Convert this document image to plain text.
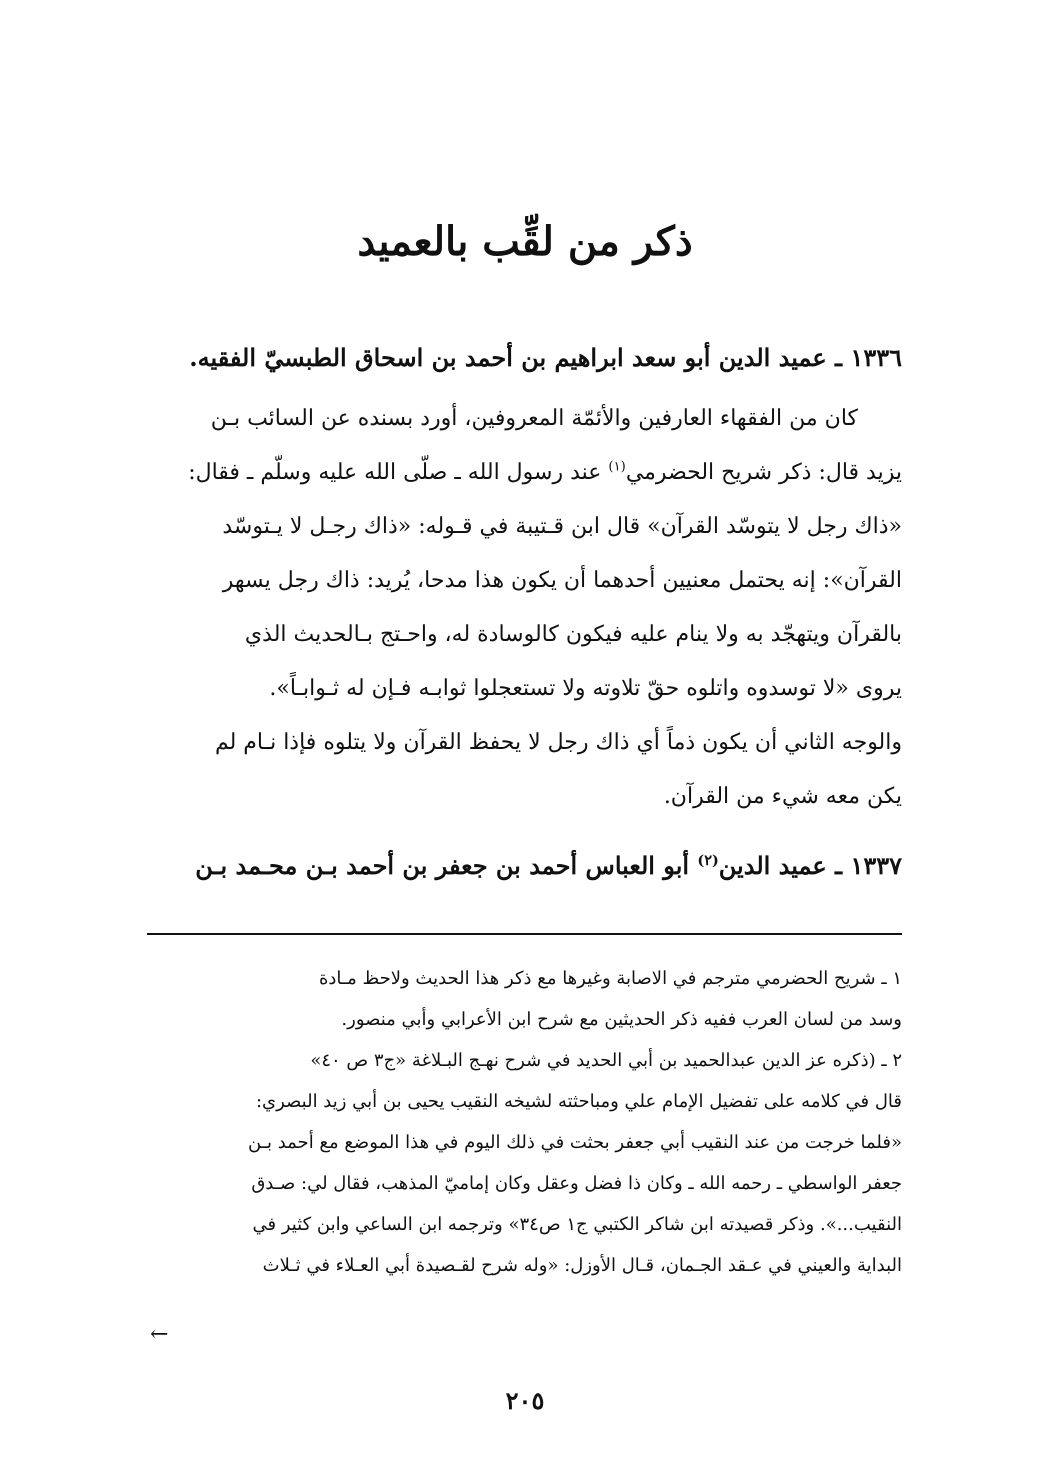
ذكر من لقِّب بالعميد
١٣٣٦ ـ عميد الدين أبو سعد ابراهيم بن أحمد بن اسحاق الطبسيّ الفقيه.
كان من الفقهاء العارفين والأئمّة المعروفين، أورد بسنده عن السائب بـن
يزيد قال: ذكر شريح الحضرمي$^{(١)}$ عند رسول الله ـ صلّى الله عليه وسلّم ـ فقال:
«ذاك رجل لا يتوسّد القرآن» قال ابن قـتيبة في قـوله: «ذاك رجـل لا يـتوسّد
القرآن»: إنه يحتمل معنيين أحدهما أن يكون هذا مدحا، يُريد: ذاك رجل يسهر
بالقرآن ويتهجّد به ولا ينام عليه فيكون كالوسادة له، واحـتج بـالحديث الذي
يروى «لا توسدوه واتلوه حقّ تلاوته ولا تستعجلوا ثوابـه فـإن له ثـوابـاً».
والوجه الثاني أن يكون ذماً أي ذاك رجل لا يحفظ القرآن ولا يتلوه فإذا نـام لم
يكن معه شيء من القرآن.
١٣٣٧ ـ عميد الدين$^{(٢)}$ أبو العباس أحمد بن جعفر بن أحمد بـن محـمد بـن
١ ـ شريح الحضرمي مترجم في الاصابة وغيرها مع ذكر هذا الحديث ولاحظ مـادة
وسد من لسان العرب ففيه ذكر الحديثين مع شرح ابن الأعرابي وأبي منصور.
٢ ـ (ذكره عز الدين عبدالحميد بن أبي الحديد في شرح نهـج البـلاغة «ج٣ ص ٤٠»
قال في كلامه على تفضيل الإمام علي ومباحثته لشيخه النقيب يحيى بن أبي زيد البصري:
«فلما خرجت من عند النقيب أبي جعفر بحثت في ذلك اليوم في هذا الموضع مع أحمد بـن
جعفر الواسطي ـ رحمه الله ـ وكان ذا فضل وعقل وكان إماميّ المذهب، فقال لي: صـدق
النقيب...». وذكر قصيدته ابن شاكر الكتبي ج١ ص٣٤» وترجمه ابن الساعي وابن كثير في
البداية والعيني في عـقد الجـمان، قـال الأوزل: «وله شرح لقـصيدة أبي العـلاء في ثـلاث
←
٢٠٥
